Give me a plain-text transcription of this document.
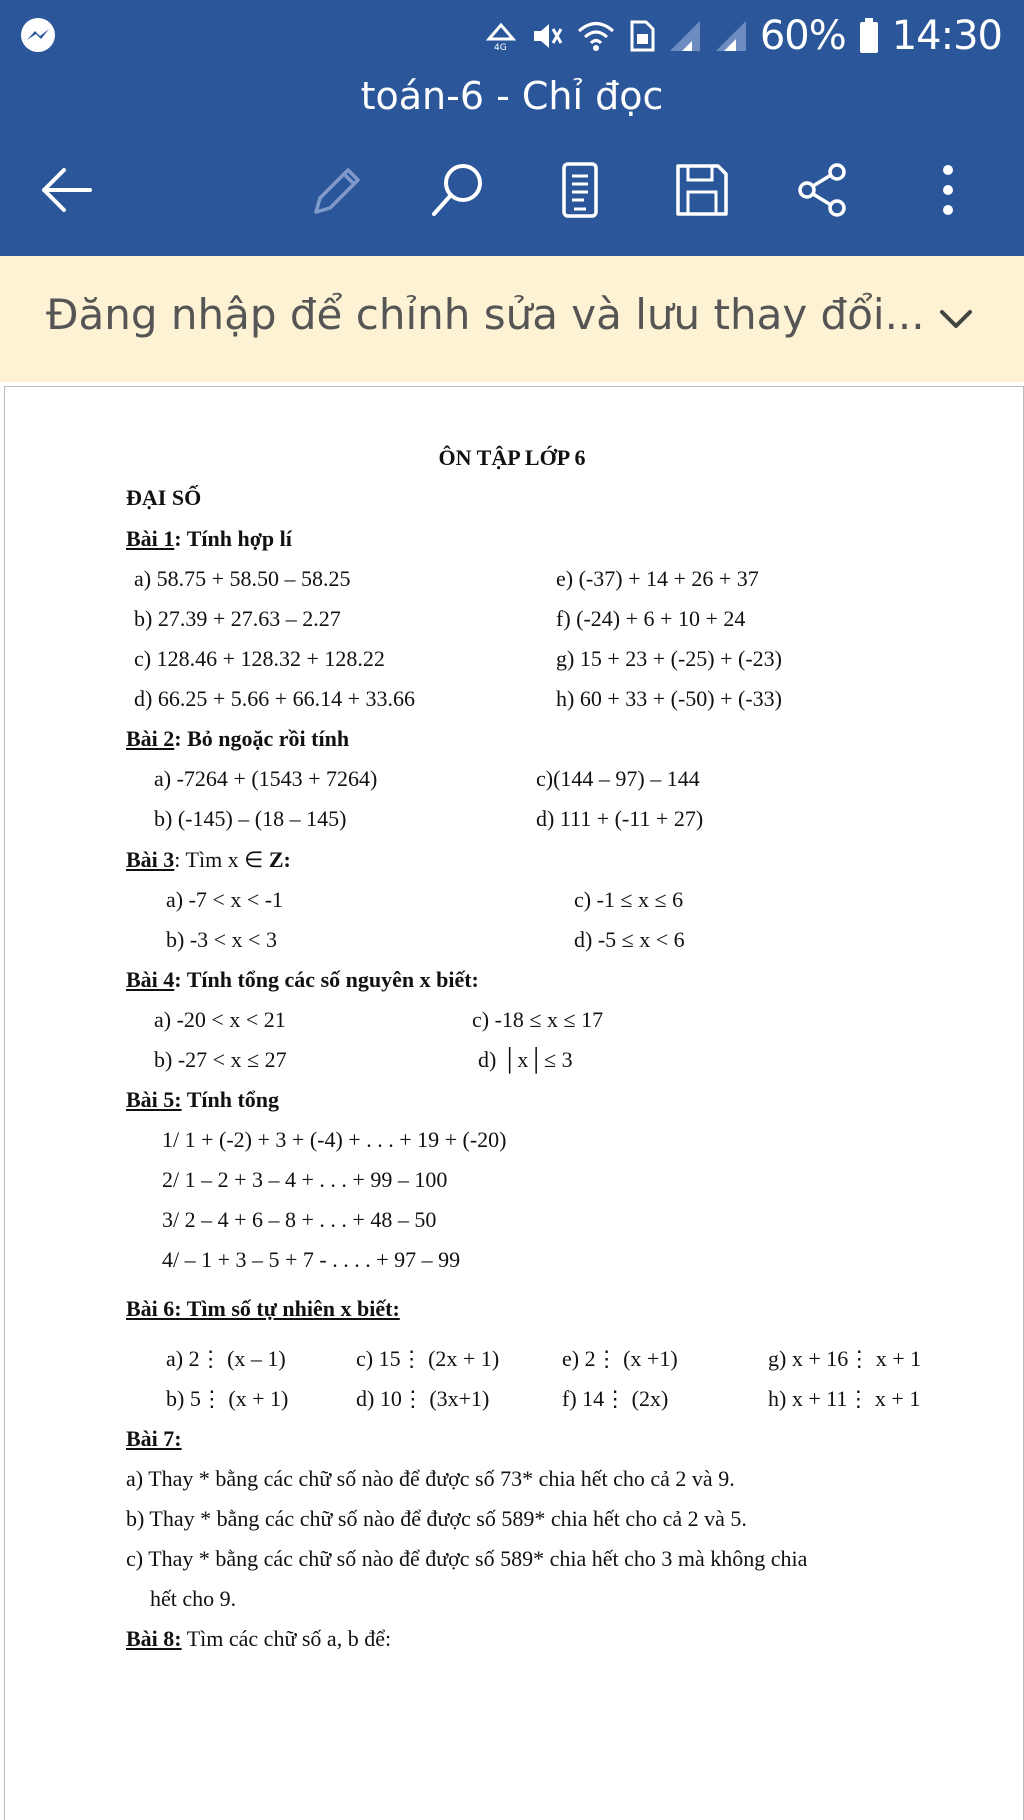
4G	60% 14:30
toán-6 - Chỉ đọc
Đăng nhập để chỉnh sửa và lưu thay đổi...
ÔN TẬP LỚP 6
ĐẠI SỐ
Bài 1: Tính hợp lí
a) 58.75 + 58.50 – 58.25
b) 27.39 + 27.63 – 2.27
c) 128.46 + 128.32 + 128.22
d) 66.25 + 5.66 + 66.14 + 33.66
e) (-37) + 14 + 26 + 37
f) (-24) + 6 + 10 + 24
g) 15 + 23 + (-25) + (-23)
h) 60 + 33 + (-50) + (-33)
Bài 2: Bỏ ngoặc rồi tính
a) -7264 + (1543 + 7264)
b) (-145) – (18 – 145)
c)(144 – 97) – 144
d) 111 + (-11 + 27)
Bài 3: Tìm x ∈ Z:
a) -7 < x < -1
b) -3 < x < 3
c) -1 ≤ x ≤ 6
d) -5 ≤ x < 6
Bài 4: Tính tổng các số nguyên x biết:
a) -20 < x < 21
b) -27 < x ≤ 27
c) -18 ≤ x ≤ 17
d) │x│≤ 3
Bài 5: Tính tổng
1/ 1 + (-2) + 3 + (-4) + . . . + 19 + (-20)
2/ 1 – 2 + 3 – 4 + . . . + 99 – 100
3/ 2 – 4 + 6 – 8 + . . . + 48 – 50
4/ – 1 + 3 – 5 + 7 - . . . . + 97 – 99
Bài 6: Tìm số tự nhiên x biết:
a) 2⋮ (x – 1)
b) 5⋮ (x + 1)
c) 15⋮ (2x + 1)
d) 10⋮ (3x+1)
e) 2⋮ (x +1)
f) 14⋮ (2x)
g) x + 16⋮ x + 1
h) x + 11⋮ x + 1
Bài 7:
a) Thay * bằng các chữ số nào để được số 73* chia hết cho cả 2 và 9.
b) Thay * bằng các chữ số nào để được số 589* chia hết cho cả 2 và 5.
c) Thay * bằng các chữ số nào để được số 589* chia hết cho 3 mà không chia
hết cho 9.
Bài 8: Tìm các chữ số a, b để:
